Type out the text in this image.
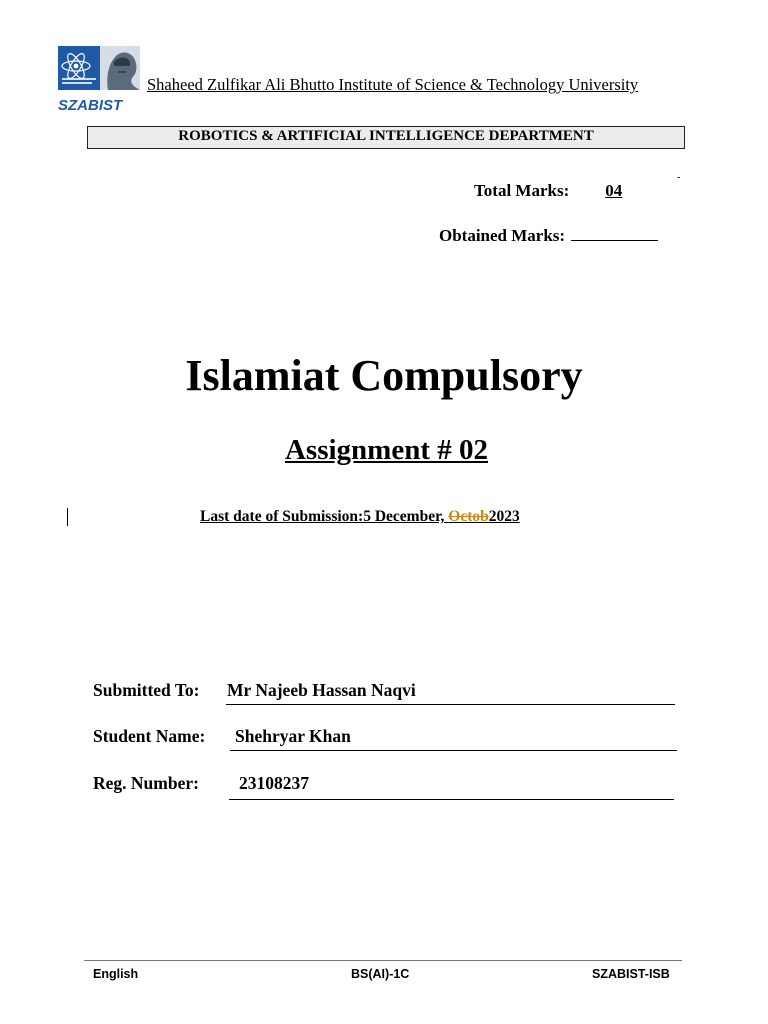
SZABIST
Shaheed Zulfikar Ali Bhutto Institute of Science & Technology University
ROBOTICS & ARTIFICIAL INTELLIGENCE DEPARTMENT
Total Marks: 04
-
Obtained Marks:
Islamiat Compulsory
Assignment # 02
Last date of Submission:5 December, Octob2023
Submitted To: Mr Najeeb Hassan Naqvi
Student Name: Shehryar Khan
Reg. Number: 23108237
English	BS(AI)-1C	SZABIST-ISB
